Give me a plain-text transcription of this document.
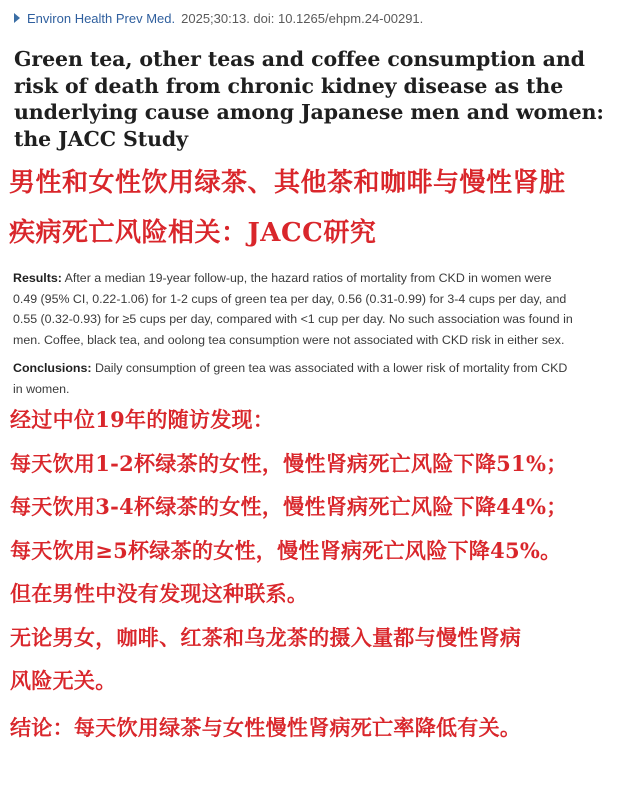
Environ Health Prev Med. 2025;30:13. doi: 10.1265/ehpm.24-00291.
Green tea, other teas and coffee consumption and
risk of death from chronic kidney disease as the
underlying cause among Japanese men and women:
the JACC Study
男性和女性饮用绿茶、其他茶和咖啡与慢性肾脏
疾病死亡风险相关：JACC研究
Results: After a median 19-year follow-up, the hazard ratios of mortality from CKD in women were
0.49 (95% CI, 0.22-1.06) for 1-2 cups of green tea per day, 0.56 (0.31-0.99) for 3-4 cups per day, and
0.55 (0.32-0.93) for ≥5 cups per day, compared with <1 cup per day. No such association was found in
men. Coffee, black tea, and oolong tea consumption were not associated with CKD risk in either sex.
Conclusions: Daily consumption of green tea was associated with a lower risk of mortality from CKD
in women.
经过中位19年的随访发现：
每天饮用1-2杯绿茶的女性，慢性肾病死亡风险下降51%；
每天饮用3-4杯绿茶的女性，慢性肾病死亡风险下降44%；
每天饮用≥5杯绿茶的女性，慢性肾病死亡风险下降45%。
但在男性中没有发现这种联系。
无论男女，咖啡、红茶和乌龙茶的摄入量都与慢性肾病
风险无关。
结论：每天饮用绿茶与女性慢性肾病死亡率降低有关。
